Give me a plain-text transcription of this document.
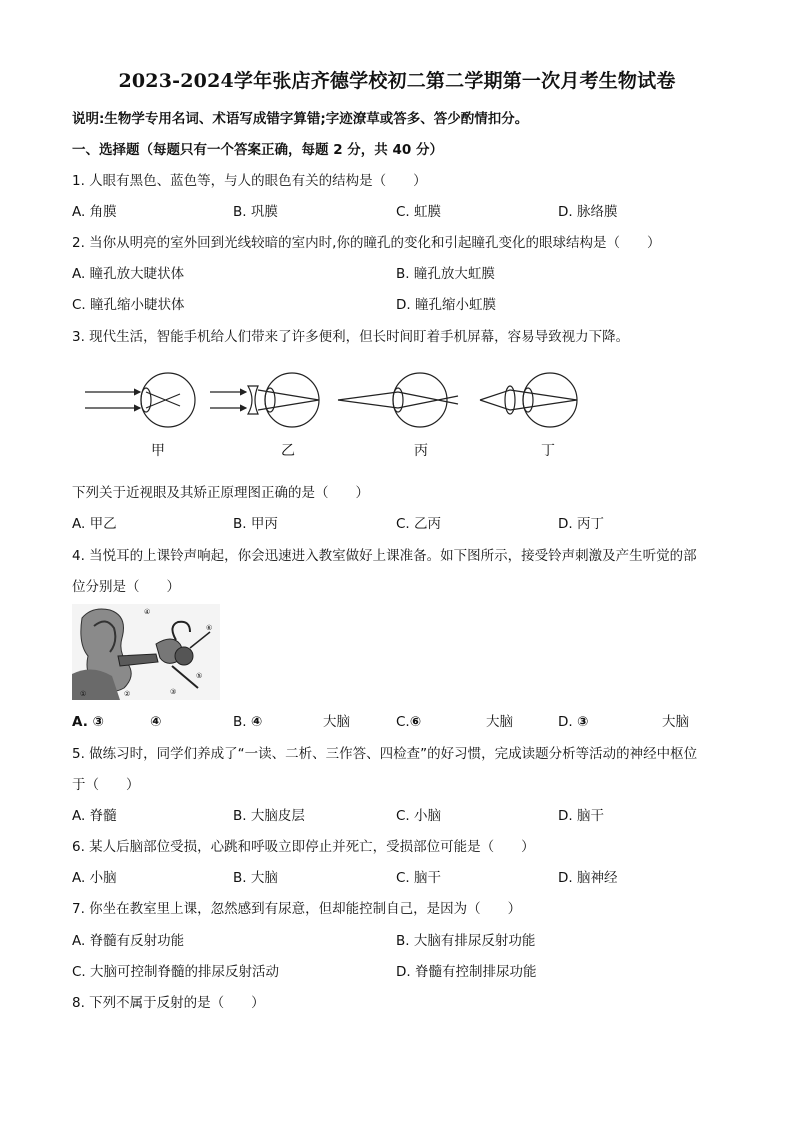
2023-2024学年张店齐德学校初二第二学期第一次月考生物试卷
说明:生物学专用名词、术语写成错字算错;字迹潦草或答多、答少酌情扣分。
一、选择题（每题只有一个答案正确，每题 2 分，共 40 分）
1. 人眼有黑色、蓝色等，与人的眼色有关的结构是（　　）
A. 角膜	B. 巩膜	C. 虹膜	D. 脉络膜
2. 当你从明亮的室外回到光线较暗的室内时,你的瞳孔的变化和引起瞳孔变化的眼球结构是（　　）
A. 瞳孔放大睫状体	B. 瞳孔放大虹膜
C. 瞳孔缩小睫状体	D. 瞳孔缩小虹膜
3. 现代生活，智能手机给人们带来了许多便利，但长时间盯着手机屏幕，容易导致视力下降。
甲	乙	丙	丁
下列关于近视眼及其矫正原理图正确的是（　　）
A. 甲乙	B. 甲丙	C. 乙丙	D. 丙丁
4. 当悦耳的上课铃声响起，你会迅速进入教室做好上课准备。如下图所示，接受铃声刺激及产生听觉的部
位分别是（　　）
①	②	③
④
⑤
⑥
A. ③	④	B. ④	大脑	C.⑥	大脑	D. ③	大脑
5. 做练习时，同学们养成了“一读、二析、三作答、四检查”的好习惯，完成读题分析等活动的神经中枢位
于（　　）
A. 脊髓	B. 大脑皮层	C. 小脑	D. 脑干
6. 某人后脑部位受损，心跳和呼吸立即停止并死亡，受损部位可能是（　　）
A. 小脑	B. 大脑	C. 脑干	D. 脑神经
7. 你坐在教室里上课，忽然感到有尿意，但却能控制自己，是因为（　　）
A. 脊髓有反射功能	B. 大脑有排尿反射功能
C. 大脑可控制脊髓的排尿反射活动	D. 脊髓有控制排尿功能
8. 下列不属于反射的是（　　）
